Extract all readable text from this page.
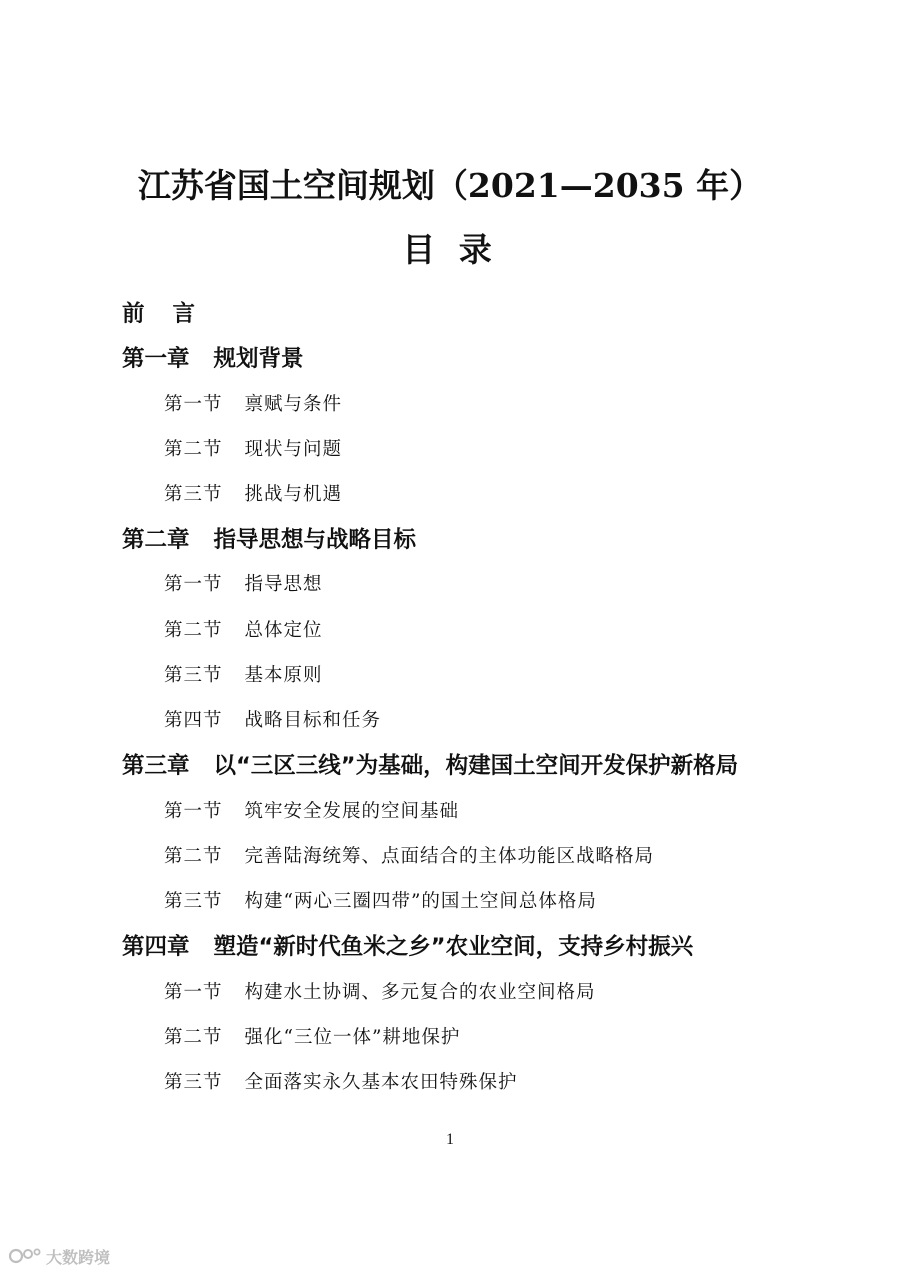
江苏省国土空间规划（2021—2035 年）
目 录
前 言
第一章 规划背景
第一节 禀赋与条件
第二节 现状与问题
第三节 挑战与机遇
第二章 指导思想与战略目标
第一节 指导思想
第二节 总体定位
第三节 基本原则
第四节 战略目标和任务
第三章 以“三区三线”为基础，构建国土空间开发保护新格局
第一节 筑牢安全发展的空间基础
第二节 完善陆海统筹、点面结合的主体功能区战略格局
第三节 构建“两心三圈四带”的国土空间总体格局
第四章 塑造“新时代鱼米之乡”农业空间，支持乡村振兴
第一节 构建水土协调、多元复合的农业空间格局
第二节 强化“三位一体”耕地保护
第三节 全面落实永久基本农田特殊保护
1
大数跨境
